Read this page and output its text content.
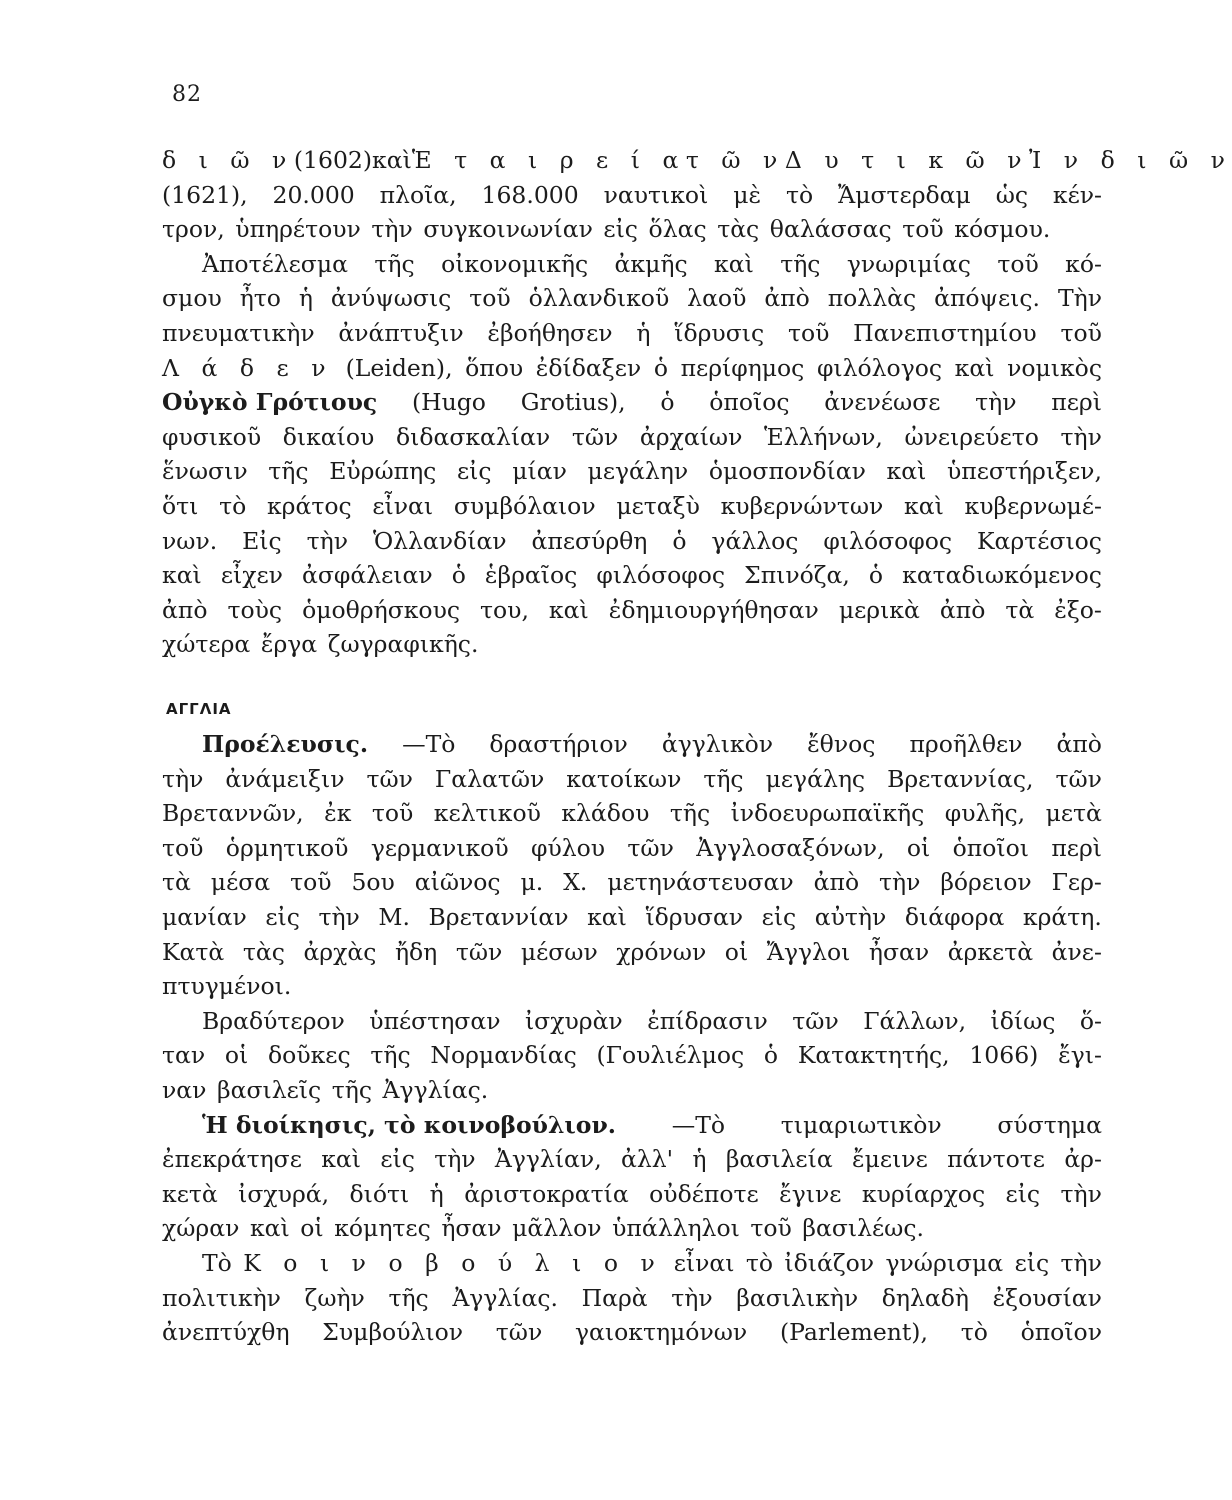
82
δ ι ῶ ν (1602) καὶ Ἑ τ α ι ρ ε ί α τ ῶ ν Δ υ τ ι κ ῶ ν Ἰ ν δ ι ῶ ν
(1621), 20.000 πλοῖα, 168.000 ναυτικοὶ μὲ τὸ Ἄμστερδαμ ὡς κέν-
τρον, ὑπηρέτουν τὴν συγκοινωνίαν εἰς ὅλας τὰς θαλάσσας τοῦ κόσμου.
Ἀποτέλεσμα τῆς οἰκονομικῆς ἀκμῆς καὶ τῆς γνωριμίας τοῦ κό-
σμου ἦτο ἡ ἀνύψωσις τοῦ ὁλλανδικοῦ λαοῦ ἀπὸ πολλὰς ἀπόψεις. Τὴν
πνευματικὴν ἀνάπτυξιν ἐβοήθησεν ἡ ἵδρυσις τοῦ Πανεπιστημίου τοῦ
Λ ά δ ε ν (Leiden), ὅπου ἐδίδαξεν ὁ περίφημος φιλόλογος καὶ νομικὸς
Οὐγκὸ Γρότιους (Hugo Grotius), ὁ ὁποῖος ἀνενέωσε τὴν περὶ
φυσικοῦ δικαίου διδασκαλίαν τῶν ἀρχαίων Ἑλλήνων, ὠνειρεύετο τὴν
ἕνωσιν τῆς Εὐρώπης εἰς μίαν μεγάλην ὁμοσπονδίαν καὶ ὑπεστήριξεν,
ὅτι τὸ κράτος εἶναι συμβόλαιον μεταξὺ κυβερνώντων καὶ κυβερνωμέ-
νων. Εἰς τὴν Ὁλλανδίαν ἀπεσύρθη ὁ γάλλος φιλόσοφος Καρτέσιος
καὶ εἶχεν ἀσφάλειαν ὁ ἑβραῖος φιλόσοφος Σπινόζα, ὁ καταδιωκόμενος
ἀπὸ τοὺς ὁμοθρήσκους του, καὶ ἐδημιουργήθησαν μερικὰ ἀπὸ τὰ ἐξο-
χώτερα ἔργα ζωγραφικῆς.
ΑΓΓΛΙΑ
Προέλευσις. —Τὸ δραστήριον ἀγγλικὸν ἔθνος προῆλθεν ἀπὸ
τὴν ἀνάμειξιν τῶν Γαλατῶν κατοίκων τῆς μεγάλης Βρεταννίας, τῶν
Βρεταννῶν, ἐκ τοῦ κελτικοῦ κλάδου τῆς ἰνδοευρωπαϊκῆς φυλῆς, μετὰ
τοῦ ὁρμητικοῦ γερμανικοῦ φύλου τῶν Ἀγγλοσαξόνων, οἱ ὁποῖοι περὶ
τὰ μέσα τοῦ 5ου αἰῶνος μ. Χ. μετηνάστευσαν ἀπὸ τὴν βόρειον Γερ-
μανίαν εἰς τὴν Μ. Βρεταννίαν καὶ ἵδρυσαν εἰς αὐτὴν διάφορα κράτη.
Κατὰ τὰς ἀρχὰς ἤδη τῶν μέσων χρόνων οἱ Ἄγγλοι ἦσαν ἀρκετὰ ἀνε-
πτυγμένοι.
Βραδύτερον ὑπέστησαν ἰσχυρὰν ἐπίδρασιν τῶν Γάλλων, ἰδίως ὅ-
ταν οἱ δοῦκες τῆς Νορμανδίας (Γουλιέλμος ὁ Κατακτητής, 1066) ἔγι-
ναν βασιλεῖς τῆς Ἀγγλίας.
Ἡ διοίκησις, τὸ κοινοβούλιον. —Τὸ τιμαριωτικὸν σύστημα
ἐπεκράτησε καὶ εἰς τὴν Ἀγγλίαν, ἀλλ' ἡ βασιλεία ἔμεινε πάντοτε ἀρ-
κετὰ ἰσχυρά, διότι ἡ ἀριστοκρατία οὐδέποτε ἔγινε κυρίαρχος εἰς τὴν
χώραν καὶ οἱ κόμητες ἦσαν μᾶλλον ὑπάλληλοι τοῦ βασιλέως.
Τὸ Κ ο ι ν ο β ο ύ λ ι ο ν εἶναι τὸ ἰδιάζον γνώρισμα εἰς τὴν
πολιτικὴν ζωὴν τῆς Ἀγγλίας. Παρὰ τὴν βασιλικὴν δηλαδὴ ἐξουσίαν
ἀνεπτύχθη Συμβούλιον τῶν γαιοκτημόνων (Parlement), τὸ ὁποῖον
